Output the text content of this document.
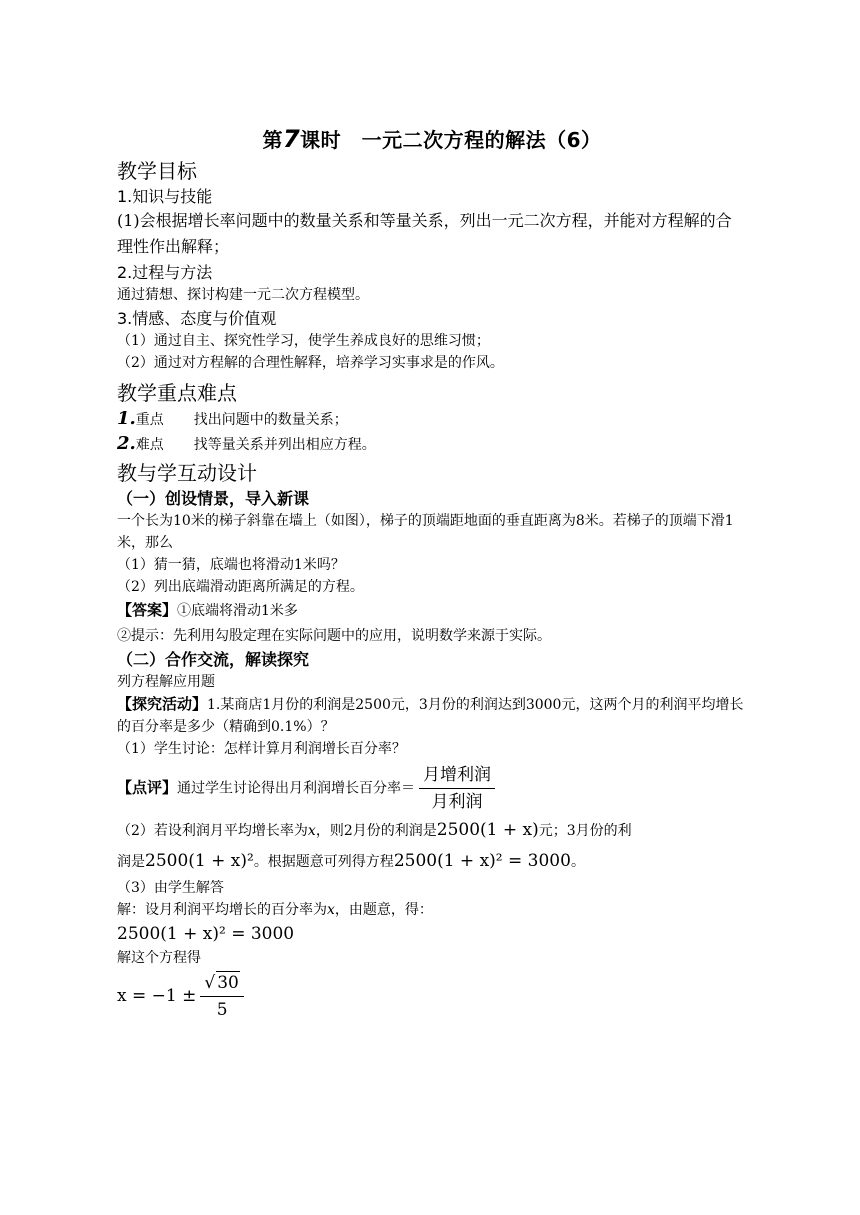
第7课时　一元二次方程的解法（6）

教学目标

1.知识与技能

(1)会根据增长率问题中的数量关系和等量关系，列出一元二次方程，并能对方程解的合理性作出解释；

2.过程与方法

通过猜想、探讨构建一元二次方程模型。

3.情感、态度与价值观

（1）通过自主、探究性学习，使学生养成良好的思维习惯；

（2）通过对方程解的合理性解释，培养学习实事求是的作风。

教学重点难点

1.重点 找出问题中的数量关系；

2.难点 找等量关系并列出相应方程。

教与学互动设计

（一）创设情景，导入新课

一个长为10米的梯子斜靠在墙上（如图），梯子的顶端距地面的垂直距离为8米。若梯子的顶端下滑1米，那么

（1）猜一猜，底端也将滑动1米吗？

（2）列出底端滑动距离所满足的方程。

【答案】①底端将滑动1米多

②提示：先利用勾股定理在实际问题中的应用，说明数学来源于实际。

（二）合作交流，解读探究

列方程解应用题

【探究活动】1.某商店1月份的利润是2500元，3月份的利润达到3000元，这两个月的利润平均增长的百分率是多少（精确到0.1%）？

（1）学生讨论：怎样计算月利润增长百分率？

【点评】通过学生讨论得出月利润增长百分率＝ $\frac{\text{月增利润}}{\text{月利润}}$

（2）若设利润月平均增长率为x，则2月份的利润是2500(1 + x)元；3月份的利
润是2500(1 + x)²。根据题意可列得方程2500(1 + x)² = 3000。

（3）由学生解答

解：设月利润平均增长的百分率为x，由题意，得：

2500(1 + x)² = 3000

解这个方程得

$x = -1 \pm \frac{√ 30}{5}$
